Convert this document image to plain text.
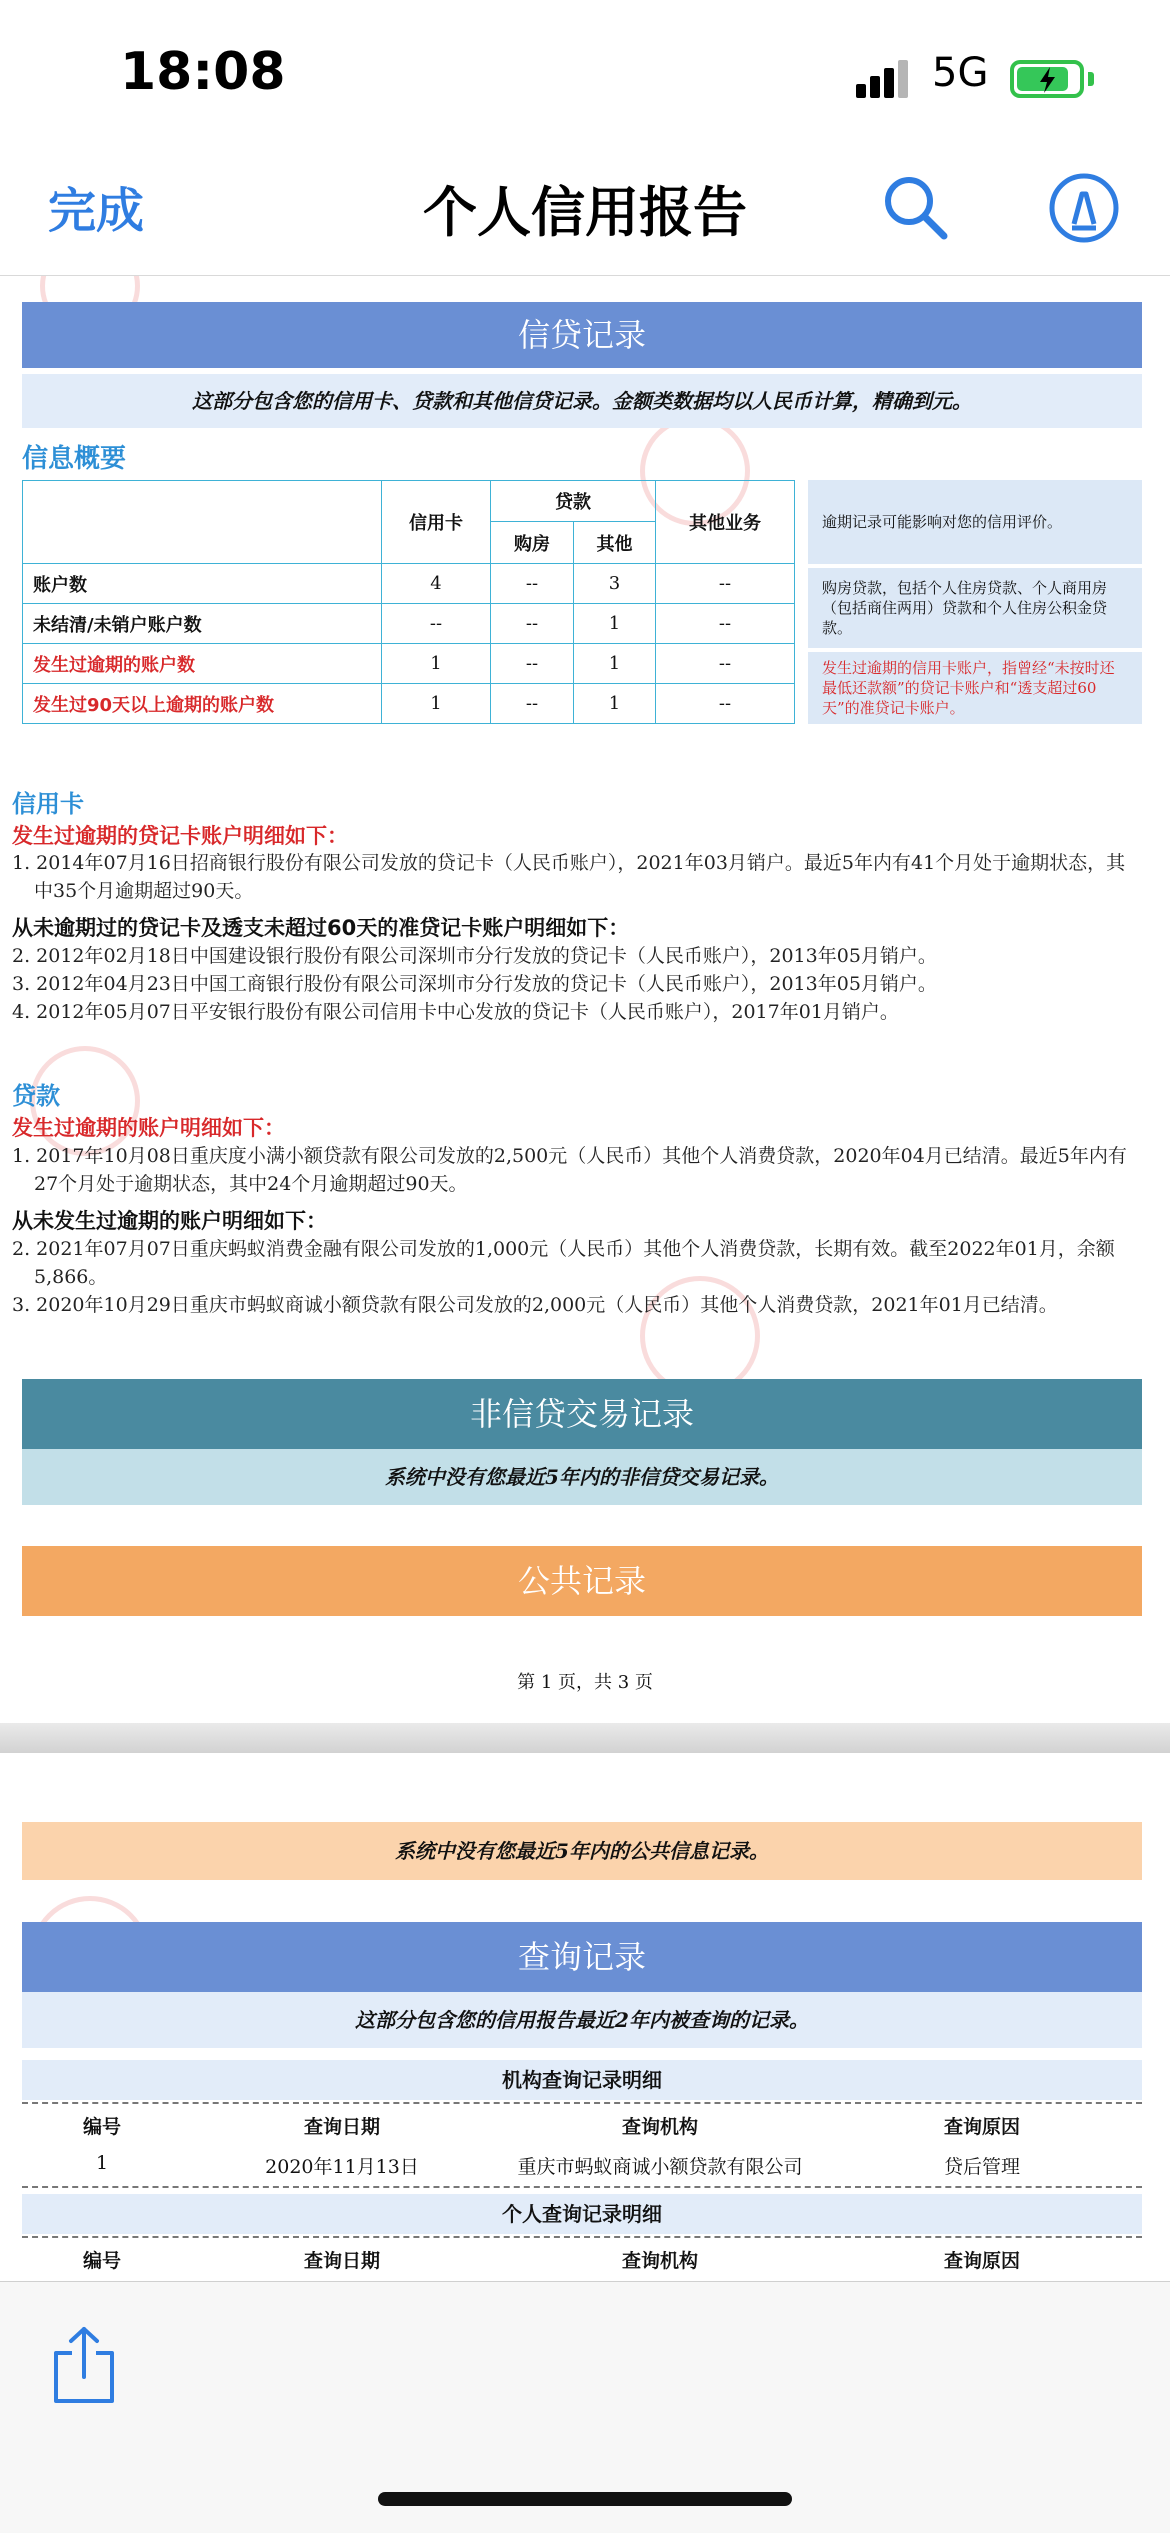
18:08	5G
完成	个人信用报告
信贷记录
这部分包含您的信用卡、贷款和其他信贷记录。金额类数据均以人民币计算，精确到元。
信息概要
信用卡
贷款
购房	其他
其他业务
账户数	4	--	3	--
未结清/未销户账户数	--	--	1	--
发生过逾期的账户数	1	--	1	--
发生过90天以上逾期的账户数	1	--	1	--
逾期记录可能影响对您的信用评价。
购房贷款，包括个人住房贷款、个人商用房（包括商住两用）贷款和个人住房公积金贷款。
发生过逾期的信用卡账户，指曾经“未按时还最低还款额”的贷记卡账户和“透支超过60天”的准贷记卡账户。
信用卡
发生过逾期的贷记卡账户明细如下：
1. 2014年07月16日招商银行股份有限公司发放的贷记卡（人民币账户），2021年03月销户。最近5年内有41个月处于逾期状态，其
中35个月逾期超过90天。
从未逾期过的贷记卡及透支未超过60天的准贷记卡账户明细如下：
2. 2012年02月18日中国建设银行股份有限公司深圳市分行发放的贷记卡（人民币账户），2013年05月销户。
3. 2012年04月23日中国工商银行股份有限公司深圳市分行发放的贷记卡（人民币账户），2013年05月销户。
4. 2012年05月07日平安银行股份有限公司信用卡中心发放的贷记卡（人民币账户），2017年01月销户。
贷款
发生过逾期的账户明细如下：
1. 2017年10月08日重庆度小满小额贷款有限公司发放的2,500元（人民币）其他个人消费贷款，2020年04月已结清。最近5年内有
27个月处于逾期状态，其中24个月逾期超过90天。
从未发生过逾期的账户明细如下：
2. 2021年07月07日重庆蚂蚁消费金融有限公司发放的1,000元（人民币）其他个人消费贷款，长期有效。截至2022年01月，余额
5,866。
3. 2020年10月29日重庆市蚂蚁商诚小额贷款有限公司发放的2,000元（人民币）其他个人消费贷款，2021年01月已结清。
非信贷交易记录
系统中没有您最近5年内的非信贷交易记录。
公共记录
第 1 页，共 3 页
系统中没有您最近5年内的公共信息记录。
查询记录
这部分包含您的信用报告最近2年内被查询的记录。
机构查询记录明细
编号	查询日期	查询机构	查询原因
1	2020年11月13日	重庆市蚂蚁商诚小额贷款有限公司	贷后管理
个人查询记录明细
编号	查询日期	查询机构	查询原因
